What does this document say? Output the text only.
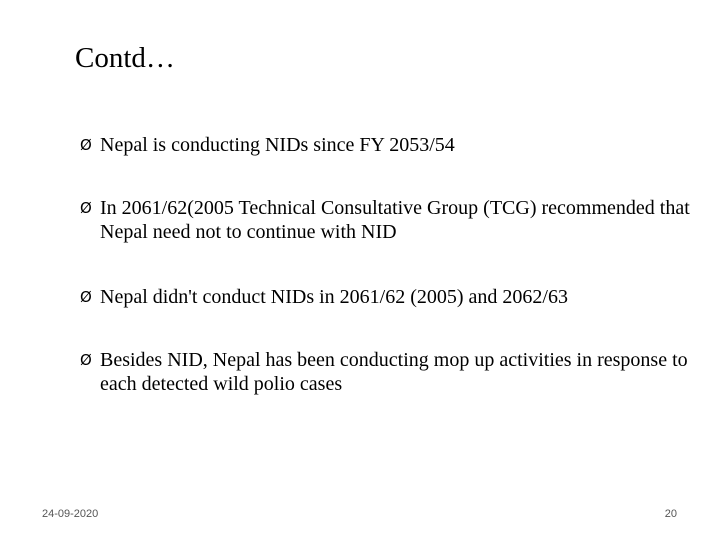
Contd…
Ø Nepal is conducting NIDs since FY 2053/54
Ø In 2061/62(2005 Technical Consultative Group (TCG) recommended that Nepal need not to continue with NID
Ø Nepal didn't conduct NIDs in 2061/62 (2005) and 2062/63
Ø Besides NID, Nepal has been conducting mop up activities in response to each detected wild polio cases
24-09-2020	20
